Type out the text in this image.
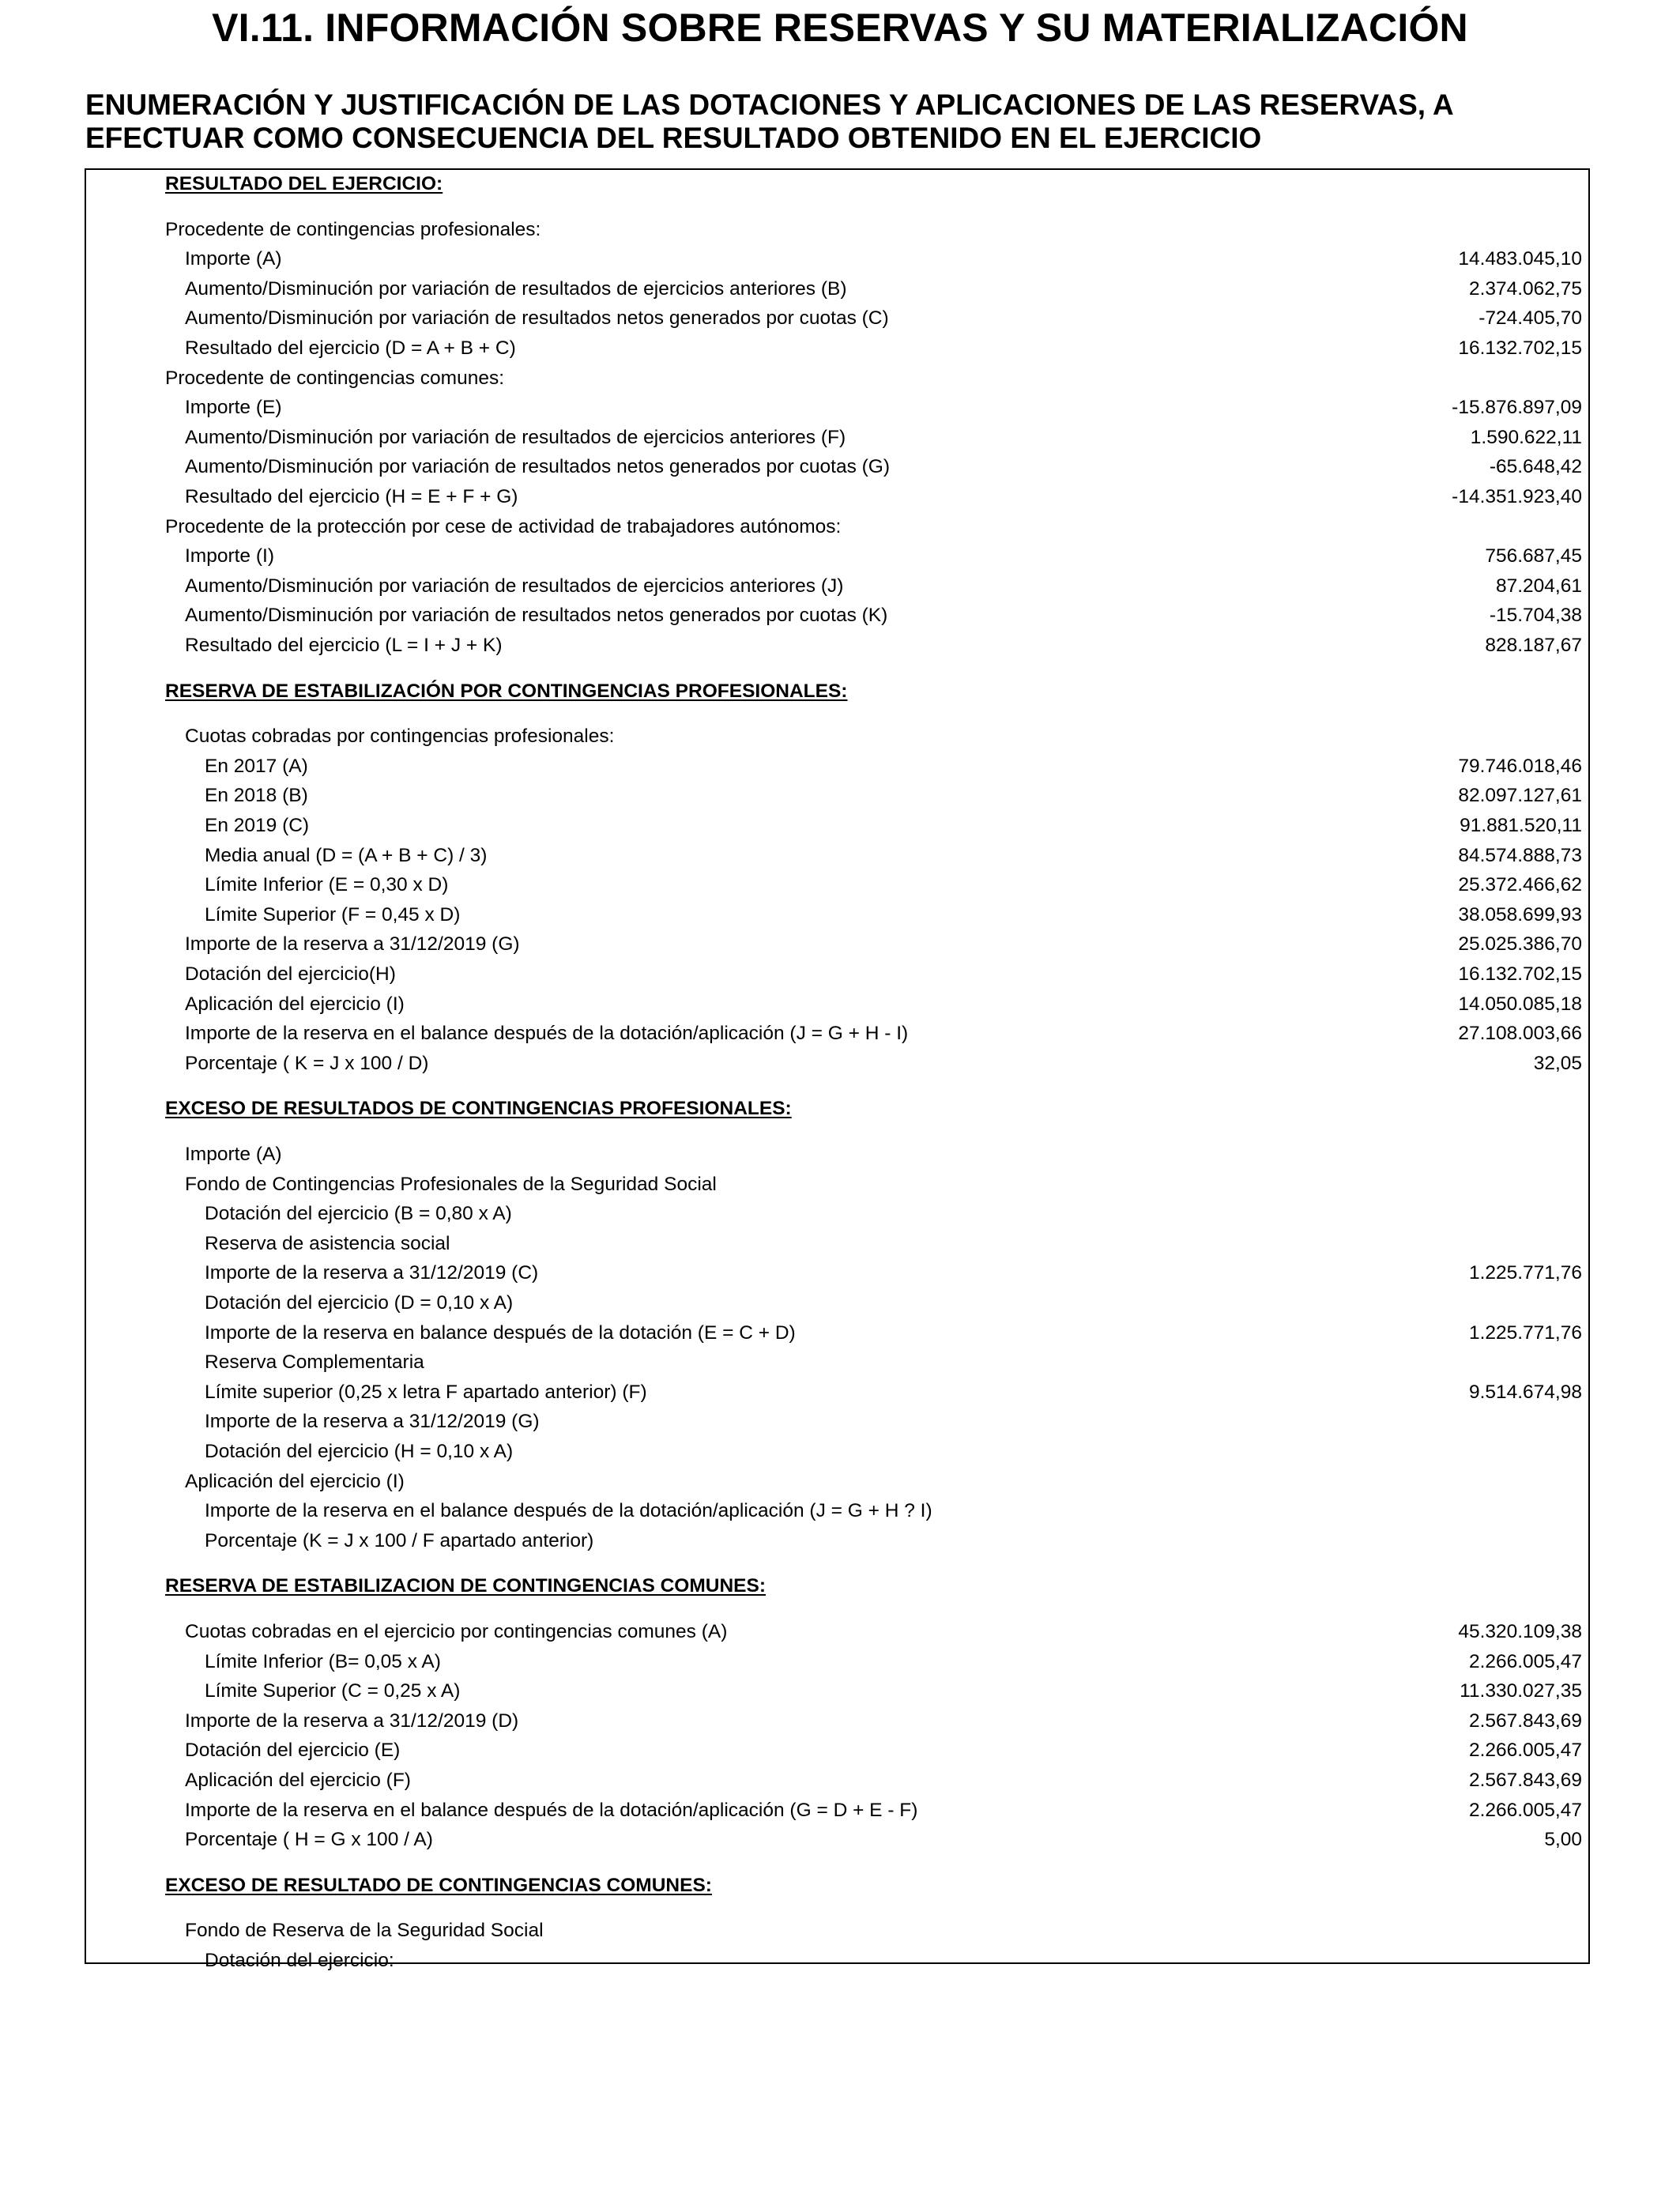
VI.11. INFORMACIÓN SOBRE RESERVAS Y SU MATERIALIZACIÓN
ENUMERACIÓN Y JUSTIFICACIÓN DE LAS DOTACIONES Y APLICACIONES DE LAS RESERVAS, A
EFECTUAR COMO CONSECUENCIA DEL RESULTADO OBTENIDO EN EL EJERCICIO
RESULTADO DEL EJERCICIO:
Procedente de contingencias profesionales:
Importe (A)	14.483.045,10
Aumento/Disminución por variación de resultados de ejercicios anteriores (B)	2.374.062,75
Aumento/Disminución por variación de resultados netos generados por cuotas (C)	-724.405,70
Resultado del ejercicio (D = A + B + C)	16.132.702,15
Procedente de contingencias comunes:
Importe (E)	-15.876.897,09
Aumento/Disminución por variación de resultados de ejercicios anteriores (F)	1.590.622,11
Aumento/Disminución por variación de resultados netos generados por cuotas (G)	-65.648,42
Resultado del ejercicio (H = E + F + G)	-14.351.923,40
Procedente de la protección por cese de actividad de trabajadores autónomos:
Importe (I)	756.687,45
Aumento/Disminución por variación de resultados de ejercicios anteriores (J)	87.204,61
Aumento/Disminución por variación de resultados netos generados por cuotas (K)	-15.704,38
Resultado del ejercicio (L = I + J + K)	828.187,67
RESERVA DE ESTABILIZACIÓN POR CONTINGENCIAS PROFESIONALES:
Cuotas cobradas por contingencias profesionales:
En 2017 (A)	79.746.018,46
En 2018 (B)	82.097.127,61
En 2019 (C)	91.881.520,11
Media anual (D = (A + B + C) / 3)	84.574.888,73
Límite Inferior (E = 0,30 x D)	25.372.466,62
Límite Superior (F = 0,45 x D)	38.058.699,93
Importe de la reserva a 31/12/2019 (G)	25.025.386,70
Dotación del ejercicio(H)	16.132.702,15
Aplicación del ejercicio (I)	14.050.085,18
Importe de la reserva en el balance después de la dotación/aplicación (J = G + H - I)	27.108.003,66
Porcentaje ( K = J x 100 / D)	32,05
EXCESO DE RESULTADOS DE CONTINGENCIAS PROFESIONALES:
Importe (A)
Fondo de Contingencias Profesionales de la Seguridad Social
Dotación del ejercicio (B = 0,80 x A)
Reserva de asistencia social
Importe de la reserva a 31/12/2019 (C)	1.225.771,76
Dotación del ejercicio (D = 0,10 x A)
Importe de la reserva en balance después de la dotación (E = C + D)	1.225.771,76
Reserva Complementaria
Límite superior (0,25 x letra F apartado anterior) (F)	9.514.674,98
Importe de la reserva a 31/12/2019 (G)
Dotación del ejercicio (H = 0,10 x A)
Aplicación del ejercicio (I)
Importe de la reserva en el balance después de la dotación/aplicación (J = G + H ? I)
Porcentaje (K = J x 100 / F apartado anterior)
RESERVA DE ESTABILIZACION DE CONTINGENCIAS COMUNES:
Cuotas cobradas en el ejercicio por contingencias comunes (A)	45.320.109,38
Límite Inferior (B= 0,05 x A)	2.266.005,47
Límite Superior (C = 0,25 x A)	11.330.027,35
Importe de la reserva a 31/12/2019 (D)	2.567.843,69
Dotación del ejercicio (E)	2.266.005,47
Aplicación del ejercicio (F)	2.567.843,69
Importe de la reserva en el balance después de la dotación/aplicación (G = D + E - F)	2.266.005,47
Porcentaje ( H = G x 100 / A)	5,00
EXCESO DE RESULTADO DE CONTINGENCIAS COMUNES:
Fondo de Reserva de la Seguridad Social
Dotación del ejercicio:
